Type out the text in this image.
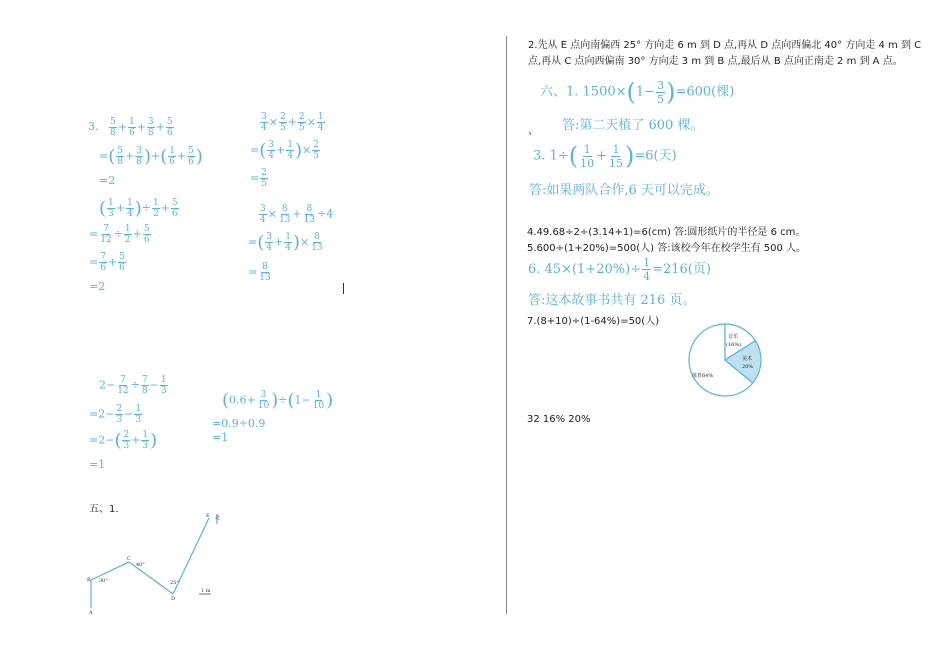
3. $\frac{5}{8} + \frac{1}{6} + \frac{3}{8} + \frac{5}{6}$
=( $\frac{5}{8} + \frac{3}{8}$ )+( $\frac{1}{6} + \frac{5}{6}$ )
=2
$\frac{3}{4} \times \frac{2}{5} + \frac{2}{5} \times \frac{1}{4}$
=( $\frac{3}{4} + \frac{1}{4}$ )× $\frac{2}{5}$
= $\frac{2}{5}$
( $\frac{1}{3} + \frac{1}{4}$ )÷ $\frac{1}{2} + \frac{5}{6}$
= $\frac{7}{12} \div \frac{1}{2} + \frac{5}{6}$
= $\frac{7}{6} + \frac{5}{6}$
=2
$\frac{3}{4} \times \frac{8}{13} + \frac{8}{13} \div 4$
=( $\frac{3}{4} + \frac{1}{4}$ )× $\frac{8}{13}$
= $\frac{8}{13}$
$2- \frac{7}{12} \div \frac{7}{8} - \frac{1}{3}$
$=2- \frac{2}{3} - \frac{1}{3}$
$=2-( \frac{2}{3} + \frac{1}{3}$ )
=1
$(0.6+ \frac{3}{10} )\div(1- \frac{1}{10}$ )
=0.9÷0.9
=1
五、1.
B
C
D
E
A
北
1 m
30°
40°
25°
2.先从 E 点向南偏西 25° 方向走 6 m 到 D 点,再从 D 点向西偏北 40° 方向走 4 m 到 C
点,再从 C 点向西偏南 30° 方向走 3 m 到 B 点,最后从 B 点向正南走 2 m 到 A 点。
六、1. $1500\times(1- \frac{3}{5} )=600$(棵)
、 答:第二天植了 600 棵。
3. $1\div( \frac{1}{10} + \frac{1}{15} )=6$(天)
答:如果两队合作,6 天可以完成。
4.49.68÷2÷(3.14+1)=6(cm) 答:圆形纸片的半径是 6 cm。
5.600÷(1+20%)=500(人) 答:该校今年在校学生有 500 人。
6. $45\times(1+20\%)\div \frac{1}{4} =216$(页)
答:这本故事书共有 216 页。
7.(8+10)÷(1-64%)=50(人)
音乐
(16%)
美术
20%
体育64%
32 16% 20%
